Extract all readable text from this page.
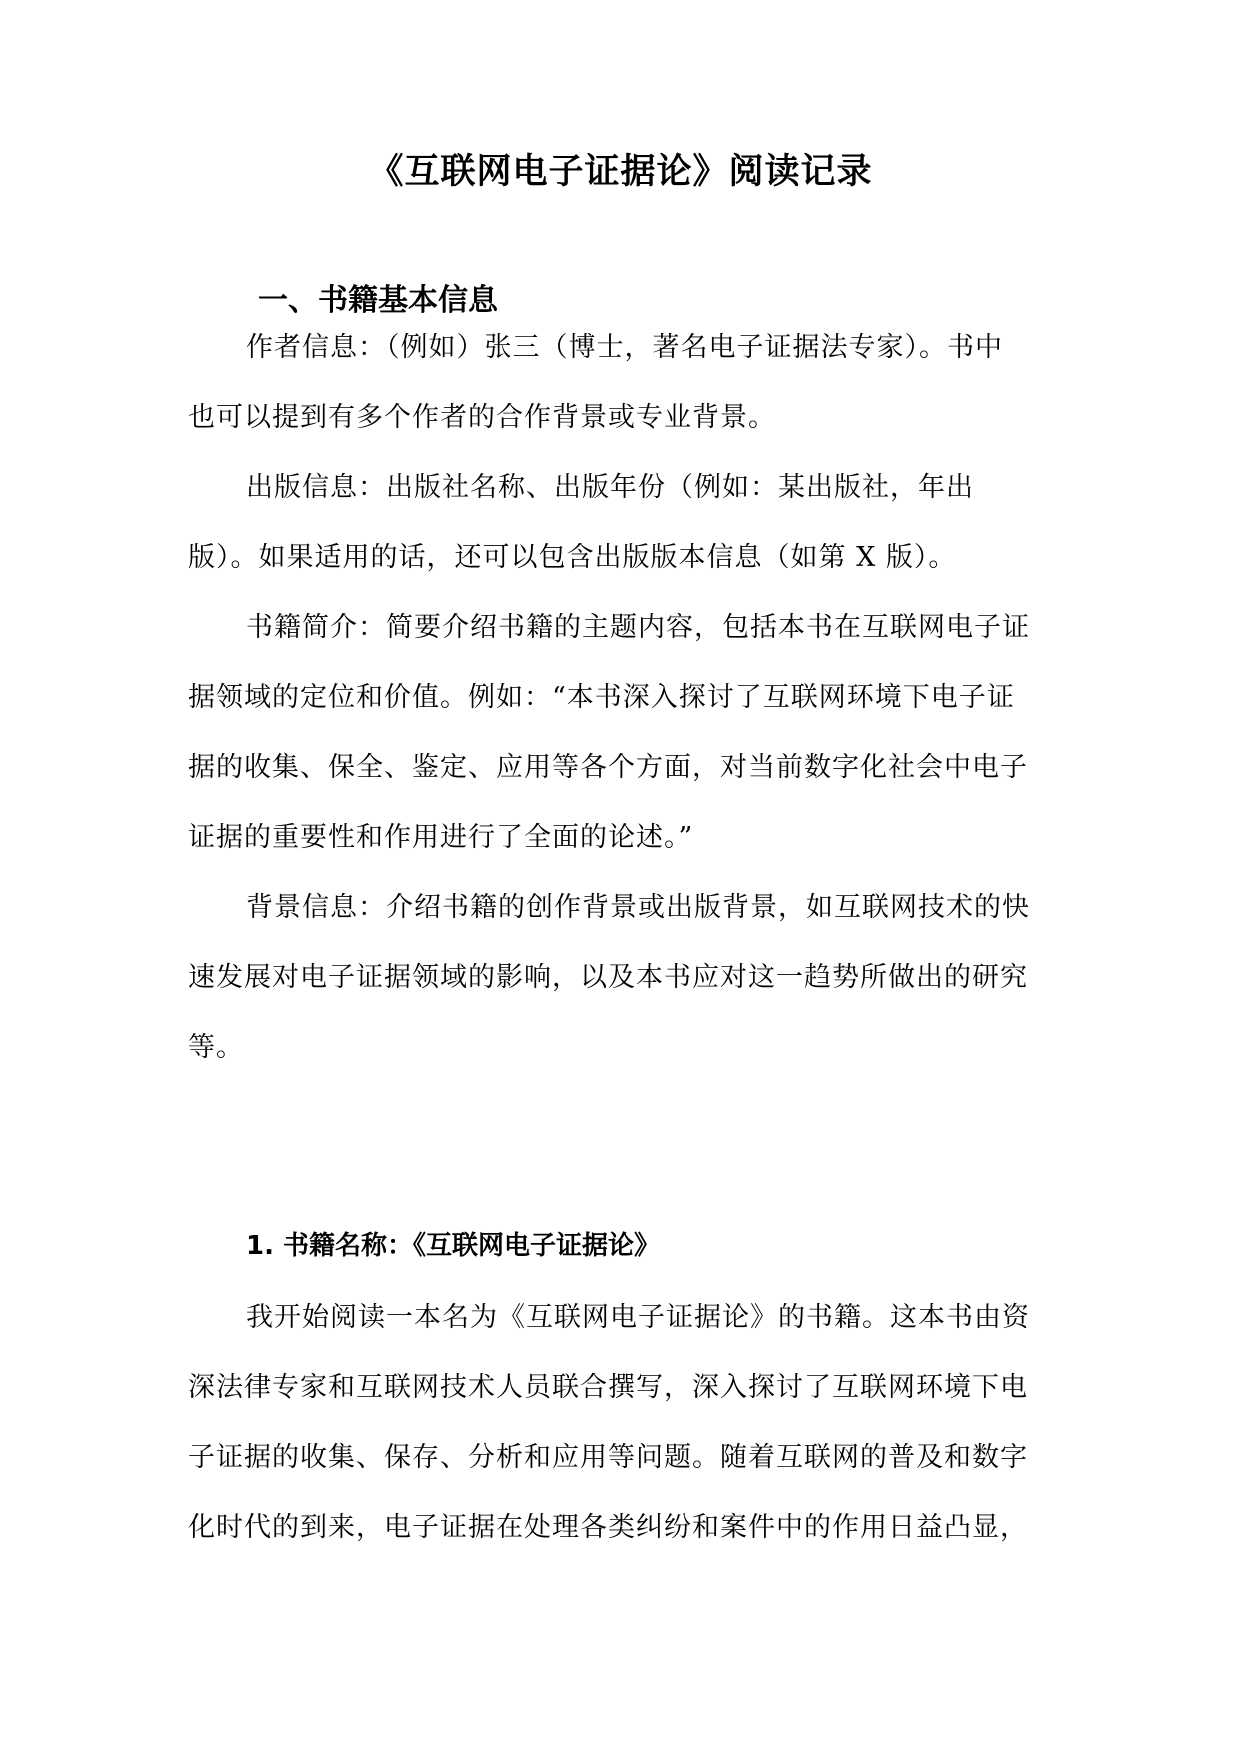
《互联网电子证据论》阅读记录
一、书籍基本信息

作者信息：（例如）张三（博士，著名电子证据法专家）。书中

也可以提到有多个作者的合作背景或专业背景。

出版信息：出版社名称、出版年份（例如：某出版社，年出

版）。如果适用的话，还可以包含出版版本信息（如第 X 版）。

书籍简介：简要介绍书籍的主题内容，包括本书在互联网电子证

据领域的定位和价值。例如：“本书深入探讨了互联网环境下电子证

据的收集、保全、鉴定、应用等各个方面，对当前数字化社会中电子

证据的重要性和作用进行了全面的论述。”

背景信息：介绍书籍的创作背景或出版背景，如互联网技术的快

速发展对电子证据领域的影响，以及本书应对这一趋势所做出的研究

等。

1. 书籍名称：《互联网电子证据论》

我开始阅读一本名为《互联网电子证据论》的书籍。这本书由资

深法律专家和互联网技术人员联合撰写，深入探讨了互联网环境下电

子证据的收集、保存、分析和应用等问题。随着互联网的普及和数字

化时代的到来，电子证据在处理各类纠纷和案件中的作用日益凸显，
